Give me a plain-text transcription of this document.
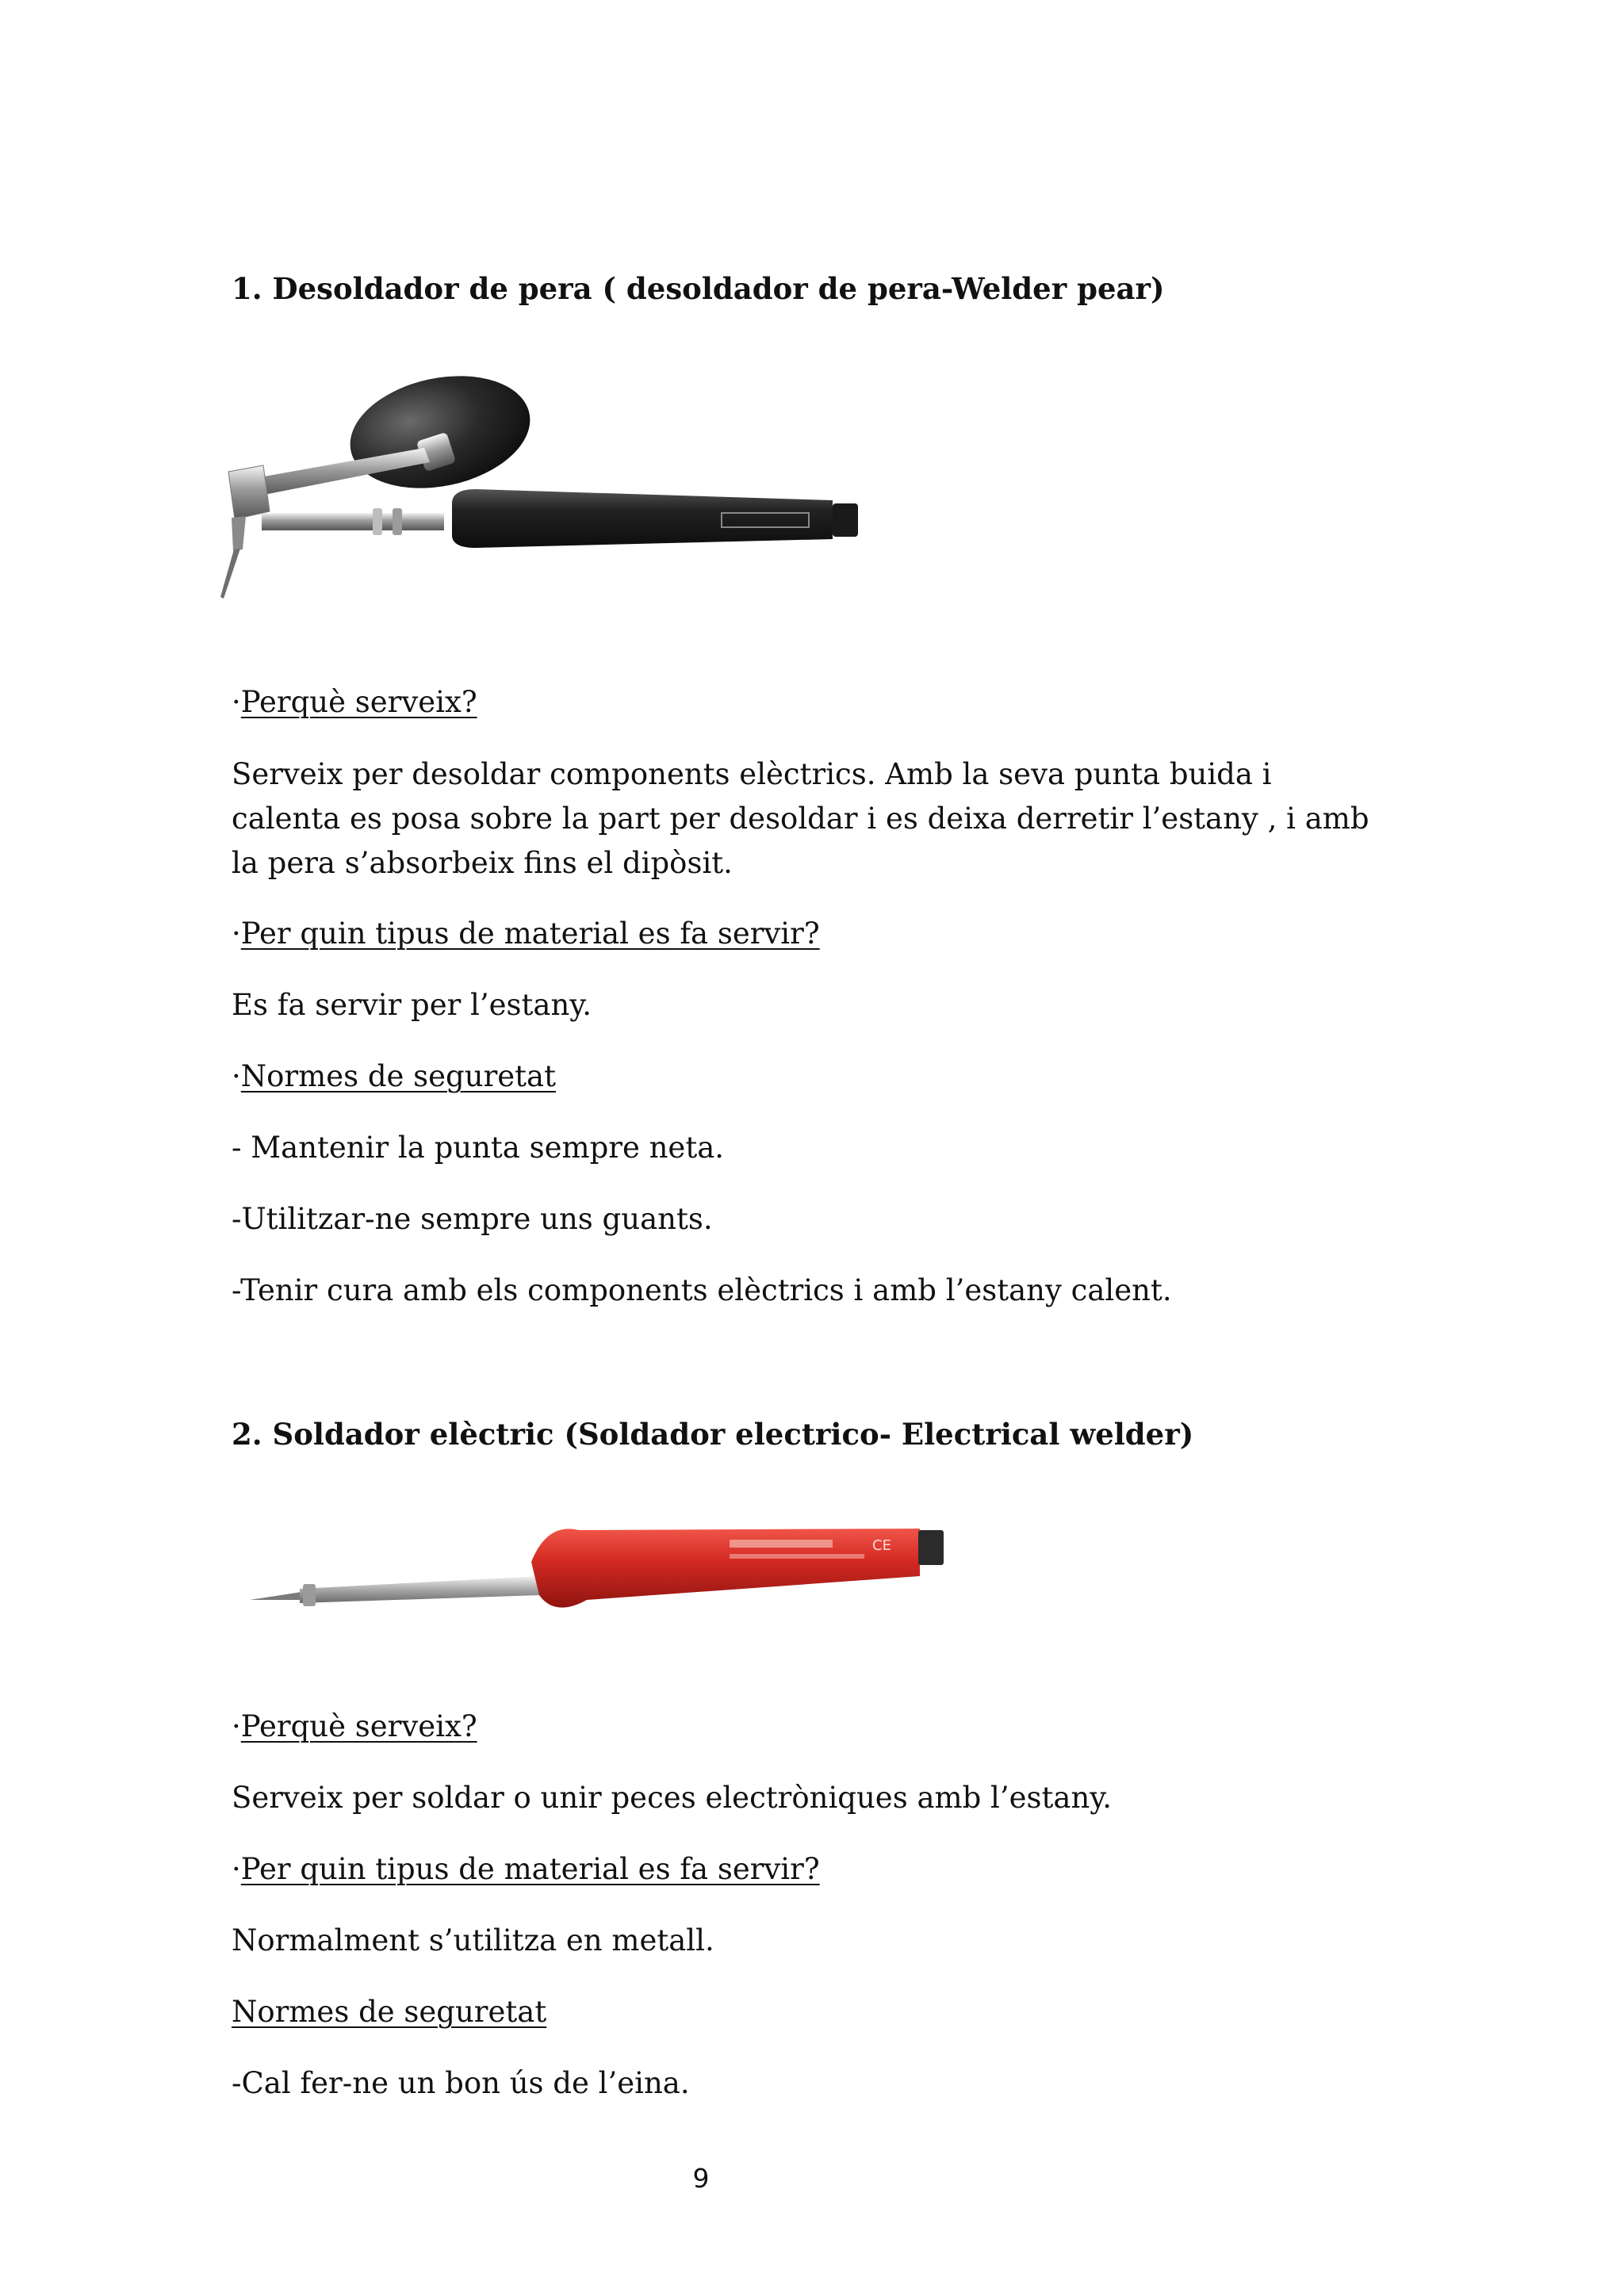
1. Desoldador de pera ( desoldador de pera-Welder pear)

·Perquè serveix?

Serveix per desoldar components elèctrics. Amb la seva punta buida i calenta es posa sobre la part per desoldar i es deixa derretir l’estany , i amb la pera s’absorbeix fins el dipòsit.

·Per quin tipus de material es fa servir?

Es fa servir per l’estany.

·Normes de seguretat

- Mantenir la punta sempre neta.

-Utilitzar-ne sempre uns guants.

-Tenir cura amb els components elèctrics i amb l’estany calent.

2. Soldador elèctric (Soldador electrico- Electrical welder)
CE

·Perquè serveix?

Serveix per soldar o unir peces electròniques amb l’estany.

·Per quin tipus de material es fa servir?

Normalment s’utilitza en metall.

Normes de seguretat

-Cal fer-ne un bon ús de l’eina.

9
